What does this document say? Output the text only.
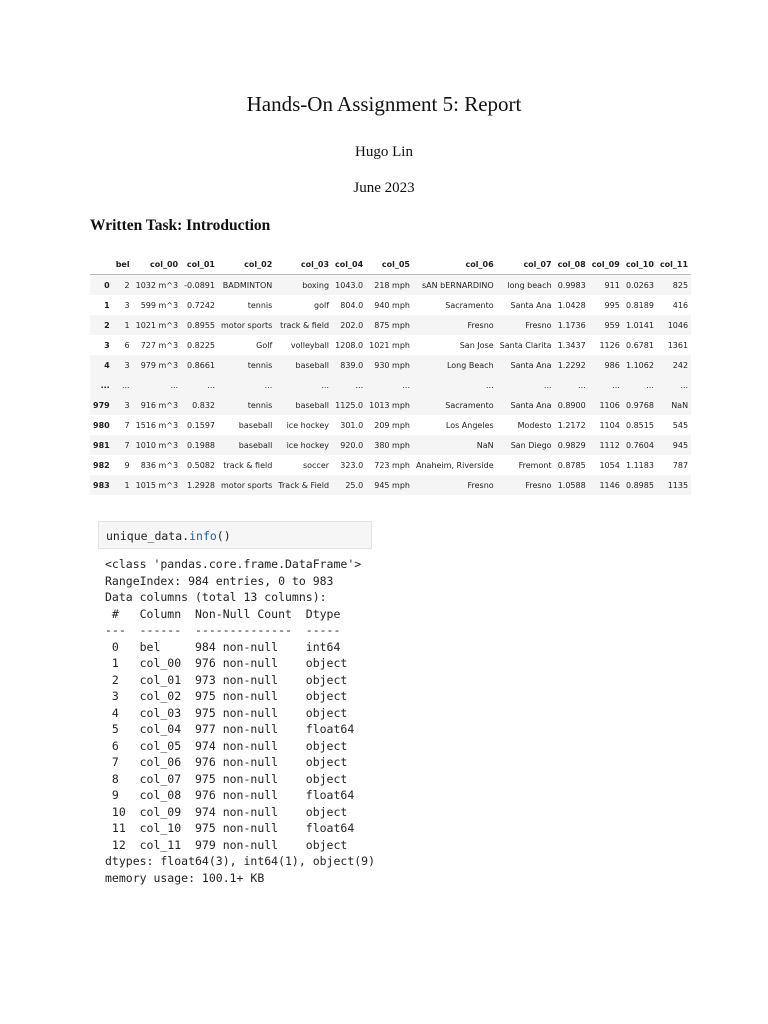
Hands-On Assignment 5: Report
Hugo Lin
June 2023
Written Task: Introduction
	bel	col_00	col_01	col_02	col_03	col_04	col_05	col_06	col_07	col_08	col_09	col_10	col_11
0	2	1032 m^3	-0.0891	BADMINTON	boxing	1043.0	218 mph	sAN bERNARDINO	long beach	0.9983	911	0.0263	825
1	3	599 m^3	0.7242	tennis	golf	804.0	940 mph	Sacramento	Santa Ana	1.0428	995	0.8189	416
2	1	1021 m^3	0.8955	motor sports	track & field	202.0	875 mph	Fresno	Fresno	1.1736	959	1.0141	1046
3	6	727 m^3	0.8225	Golf	volleyball	1208.0	1021 mph	San Jose	Santa Clarita	1.3437	1126	0.6781	1361
4	3	979 m^3	0.8661	tennis	baseball	839.0	930 mph	Long Beach	Santa Ana	1.2292	986	1.1062	242
...	...	...	...	...	...	...	...	...	...	...	...	...	...
979	3	916 m^3	0.832	tennis	baseball	1125.0	1013 mph	Sacramento	Santa Ana	0.8900	1106	0.9768	NaN
980	7	1516 m^3	0.1597	baseball	ice hockey	301.0	209 mph	Los Angeles	Modesto	1.2172	1104	0.8515	545
981	7	1010 m^3	0.1988	baseball	ice hockey	920.0	380 mph	NaN	San Diego	0.9829	1112	0.7604	945
982	9	836 m^3	0.5082	track & field	soccer	323.0	723 mph	Anaheim, Riverside	Fremont	0.8785	1054	1.1183	787
983	1	1015 m^3	1.2928	motor sports	Track & Field	25.0	945 mph	Fresno	Fresno	1.0588	1146	0.8985	1135
unique_data.info()
<class 'pandas.core.frame.DataFrame'>
RangeIndex: 984 entries, 0 to 983
Data columns (total 13 columns):
#   Column  Non-Null Count  Dtype
---  ------  --------------  -----
0   bel     984 non-null    int64
1   col_00  976 non-null    object
2   col_01  973 non-null    object
3   col_02  975 non-null    object
4   col_03  975 non-null    object
5   col_04  977 non-null    float64
6   col_05  974 non-null    object
7   col_06  976 non-null    object
8   col_07  975 non-null    object
9   col_08  976 non-null    float64
10  col_09  974 non-null    object
11  col_10  975 non-null    float64
12  col_11  979 non-null    object
dtypes: float64(3), int64(1), object(9)
memory usage: 100.1+ KB
